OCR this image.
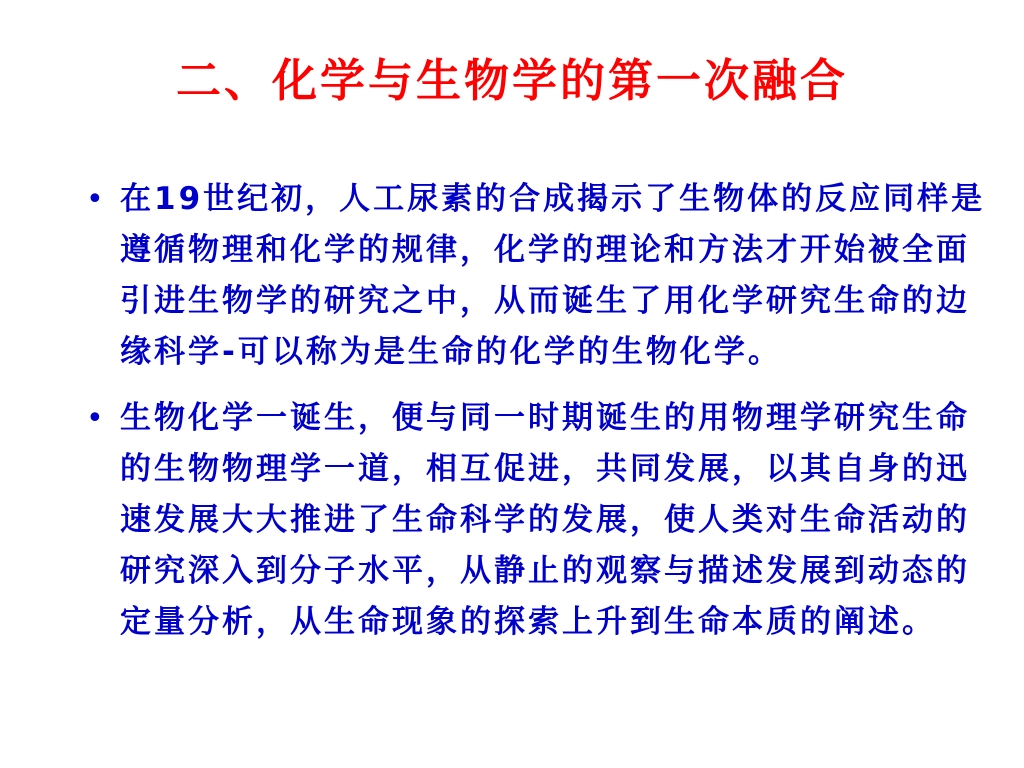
二、化学与生物学的第一次融合
• 在19世纪初，人工尿素的合成揭示了生物体的反应同样是遵循物理和化学的规律，化学的理论和方法才开始被全面引进生物学的研究之中，从而诞生了用化学研究生命的边缘科学-可以称为是生命的化学的生物化学。
• 生物化学一诞生，便与同一时期诞生的用物理学研究生命的生物物理学一道，相互促进，共同发展，以其自身的迅速发展大大推进了生命科学的发展，使人类对生命活动的研究深入到分子水平，从静止的观察与描述发展到动态的定量分析，从生命现象的探索上升到生命本质的阐述。
